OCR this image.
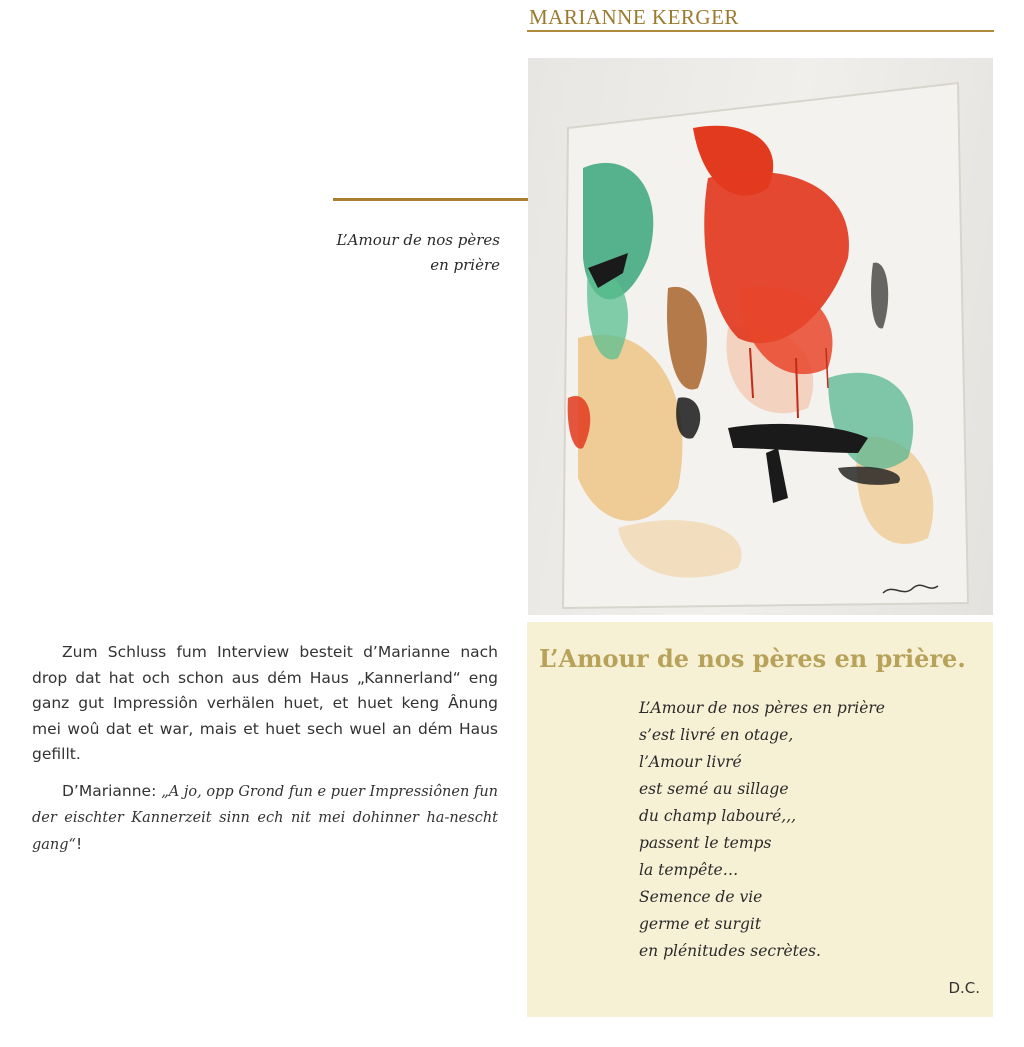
MARIANNE KERGER
L’Amour de nos pères
en prière

Zum Schluss fum Interview besteit d’Marianne nach drop dat hat och schon aus dém Haus „Kannerland“ eng ganz gut Impressiôn verhälen huet, et huet keng Ânung mei woû dat et war, mais et huet sech wuel an dém Haus gefillt.

D’Marianne: „A jo, opp Grond fun e puer Impressiônen fun der eischter Kannerzeit sinn ech nit mei dohinner ha-nescht gang“!

L’Amour de nos pères en prière.
L’Amour de nos pères en prière
s’est livré en otage,
l’Amour livré
est semé au sillage
du champ labouré,,,
passent le temps
la tempête…
Semence de vie
germe et surgit
en plénitudes secrètes.
D.C.
